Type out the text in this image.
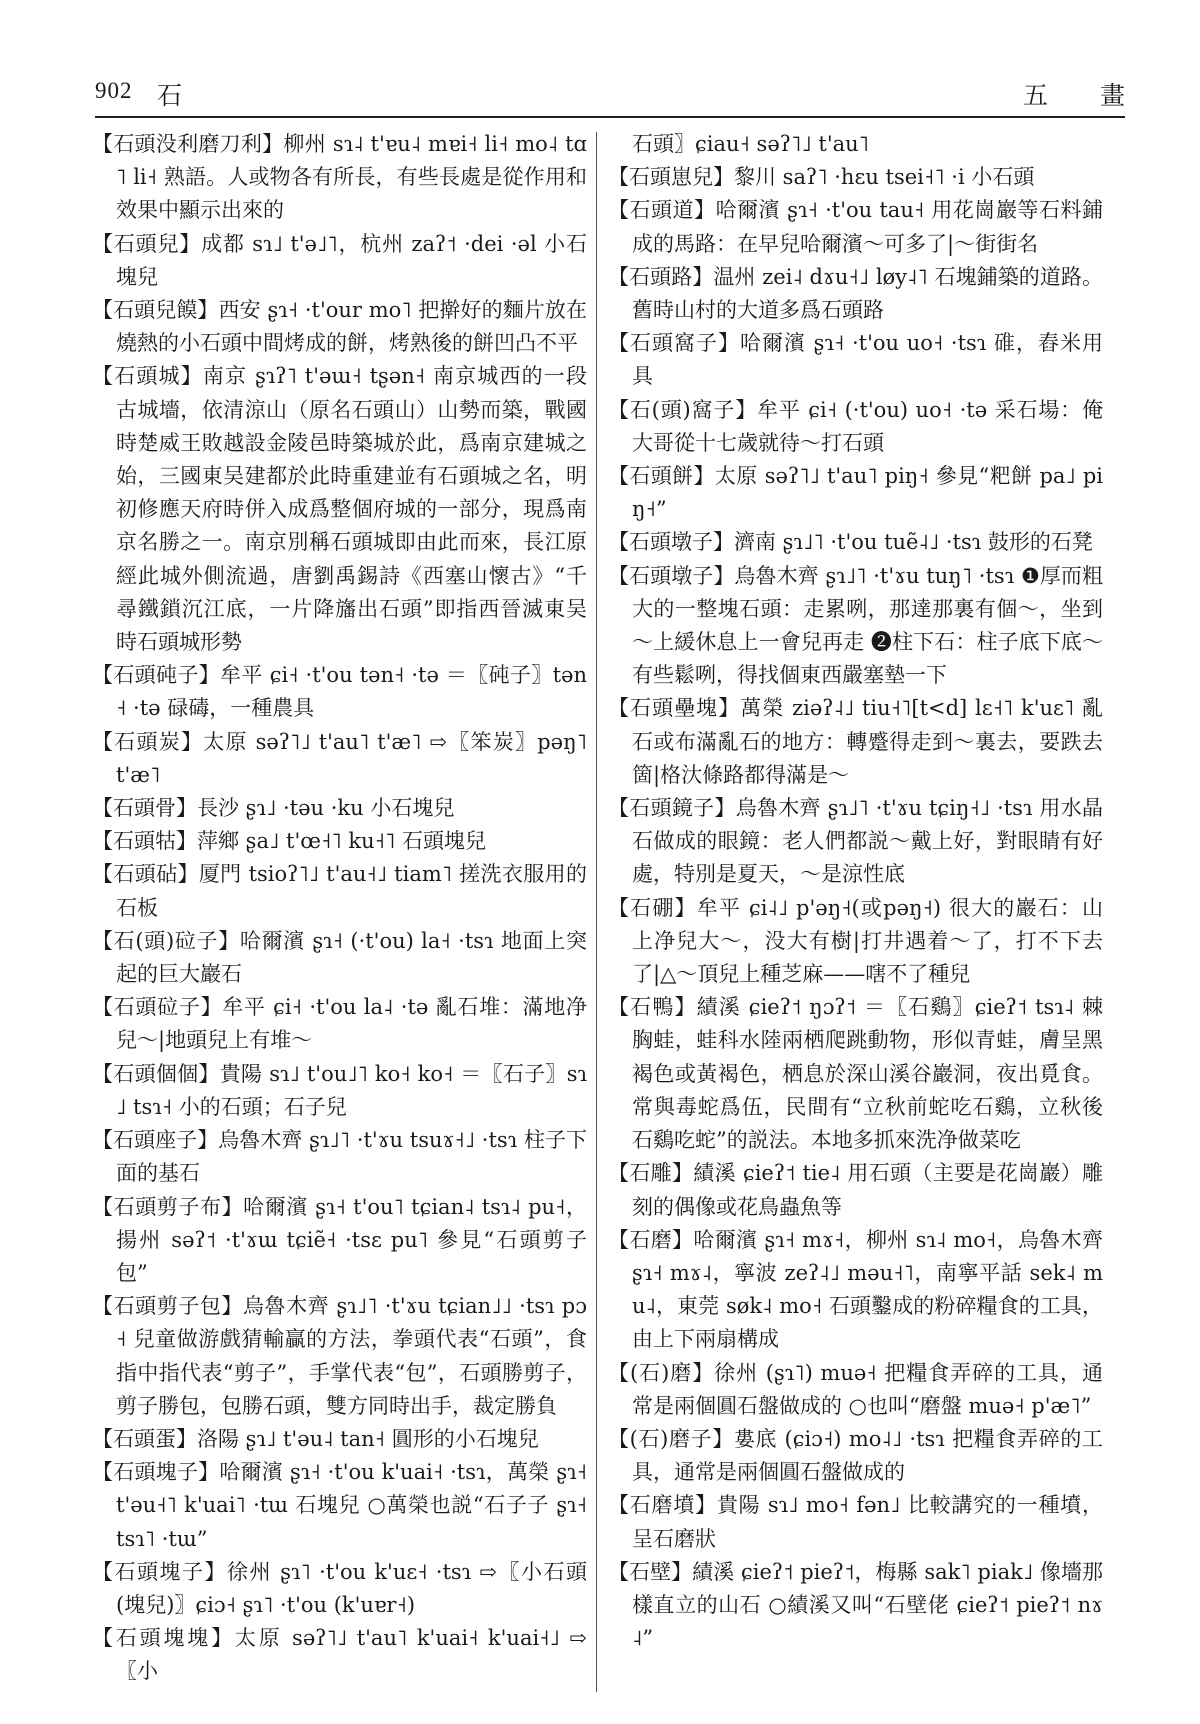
902 石	五 畫

【石頭没利磨刀利】柳州 sɿ˨ t'ɐu˨ mɐi˧ li˧ mo˨ tɑ˥ li˧ 熟語。人或物各有所長，有些長處是從作用和效果中顯示出來的

【石頭兒】成都 sɿ˩ t'ə˩˥，杭州 zaʔ˦ ·dei ·əl 小石塊兒

【石頭兒饃】西安 ʂɿ˧ ·t'our mo˥ 把擀好的麵片放在燒熱的小石頭中間烤成的餅，烤熟後的餅凹凸不平

【石頭城】南京 ʂɿʔ˥ t'əɯ˧ tʂən˧ 南京城西的一段古城墻，依清涼山（原名石頭山）山勢而築，戰國時楚威王敗越設金陵邑時築城於此，爲南京建城之始，三國東吴建都於此時重建並有石頭城之名，明初修應天府時併入成爲整個府城的一部分，現爲南京名勝之一。南京別稱石頭城即由此而來，長江原經此城外側流過，唐劉禹錫詩《西塞山懷古》“千尋鐵鎖沉江底，一片降旛出石頭”即指西晉滅東吴時石頭城形勢

【石頭砘子】牟平 ɕi˧ ·t'ou tən˧ ·tə ＝〖砘子〗tən˧ ·tə 碌碡，一種農具

【石頭炭】太原 səʔ˥˩ t'au˥ t'æ˥ ⇨〖笨炭〗pəŋ˥ t'æ˥

【石頭骨】長沙 ʂɿ˩ ·təu ·ku 小石塊兒

【石頭牯】萍鄉 ʂa˩ t'œ˧˥ ku˧˥ 石頭塊兒

【石頭砧】厦門 tsioʔ˥˩ t'au˧˩ tiam˥ 搓洗衣服用的石板

【石(頭)砬子】哈爾濱 ʂɿ˧ (·t'ou) la˧ ·tsɿ 地面上突起的巨大巖石

【石頭砬子】牟平 ɕi˧ ·t'ou la˨ ·tə 亂石堆：滿地净兒～|地頭兒上有堆～

【石頭個個】貴陽 sɿ˩ t'ou˩˥ ko˧ ko˧ ＝〖石子〗sɿ˩ tsɿ˧ 小的石頭；石子兒

【石頭座子】烏魯木齊 ʂɿ˩˥ ·t'ɤu tsuɤ˧˩ ·tsɿ 柱子下面的基石

【石頭剪子布】哈爾濱 ʂɿ˧ t'ou˥ tɕian˨ tsɿ˨ pu˧，揚州 səʔ˦ ·t'ɤɯ tɕiẽ˧ ·tsɛ pu˥ 參見“石頭剪子包”

【石頭剪子包】烏魯木齊 ʂɿ˩˥ ·t'ɤu tɕian˩˩ ·tsɿ pɔ˧ 兒童做游戲猜輸贏的方法，拳頭代表“石頭”，食指中指代表“剪子”，手掌代表“包”，石頭勝剪子，剪子勝包，包勝石頭，雙方同時出手，裁定勝負

【石頭蛋】洛陽 ʂɿ˩ t'əu˨ tan˧ 圓形的小石塊兒

【石頭塊子】哈爾濱 ʂɿ˧ ·t'ou k'uai˧ ·tsɿ，萬榮 ʂɿ˧ t'əu˧˥ k'uai˥ ·tɯ 石塊兒 ○萬榮也説“石子子 ʂɿ˧ tsɿ˥ ·tɯ”

【石頭塊子】徐州 ʂɿ˥ ·t'ou k'uɛ˧ ·tsɿ ⇨〖小石頭(塊兒)〗ɕiɔ˧ ʂɿ˥ ·t'ou (k'uɐr˧)

【石頭塊塊】太原 səʔ˥˩ t'au˥ k'uai˧ k'uai˧˩ ⇨〖小

石頭〗ɕiau˧ səʔ˥˩ t'au˥

【石頭崽兒】黎川 saʔ˥ ·hɛu tsei˧˥ ·i 小石頭

【石頭道】哈爾濱 ʂɿ˧ ·t'ou tau˧ 用花崗巖等石料鋪成的馬路：在早兒哈爾濱～可多了|～街街名

【石頭路】温州 zei˨ dɤu˧˩ løy˨˥ 石塊鋪築的道路。舊時山村的大道多爲石頭路

【石頭窩子】哈爾濱 ʂɿ˧ ·t'ou uo˧ ·tsɿ 碓，舂米用具

【石(頭)窩子】牟平 ɕi˧ (·t'ou) uo˧ ·tə 采石場：俺大哥從十七歲就待～打石頭

【石頭餅】太原 səʔ˥˩ t'au˥ piŋ˧ 參見“粑餅 pa˩ piŋ˧”

【石頭墩子】濟南 ʂɿ˩˥ ·t'ou tuẽ˨˩ ·tsɿ 鼓形的石凳

【石頭墩子】烏魯木齊 ʂɿ˩˥ ·t'ɤu tuŋ˥ ·tsɿ ❶厚而粗大的一整塊石頭：走累咧，那達那裏有個～，坐到～上緩休息上一會兒再走 ❷柱下石：柱子底下底～有些鬆咧，得找個東西嚴塞墊一下

【石頭壘塊】萬榮 ziəʔ˨˩ tiu˧˥[t<d] lɛ˧˥ k'uɛ˥ 亂石或布滿亂石的地方：轉蹙得走到～裏去，要跌去箇|格汏條路都得滿是～

【石頭鏡子】烏魯木齊 ʂɿ˩˥ ·t'ɤu tɕiŋ˧˩ ·tsɿ 用水晶石做成的眼鏡：老人們都説～戴上好，對眼睛有好處，特別是夏天，～是涼性底

【石硼】牟平 ɕi˨˩ p'əŋ˧(或pəŋ˧) 很大的巖石：山上净兒大～，没大有樹|打井遇着～了，打不下去了|△～頂兒上種芝麻——嗐不了種兒

【石鴨】績溪 ɕieʔ˦ ŋɔʔ˦ ＝〖石鷄〗ɕieʔ˦ tsɿ˨ 棘胸蛙，蛙科水陸兩栖爬跳動物，形似青蛙，膚呈黑褐色或黃褐色，栖息於深山溪谷巖洞，夜出覓食。常與毒蛇爲伍，民間有“立秋前蛇吃石鷄，立秋後石鷄吃蛇”的説法。本地多抓來洗净做菜吃

【石雕】績溪 ɕieʔ˦ tie˨ 用石頭（主要是花崗巖）雕刻的偶像或花鳥蟲魚等

【石磨】哈爾濱 ʂɿ˧ mɤ˧，柳州 sɿ˨ mo˧，烏魯木齊 ʂɿ˧ mɤ˨，寧波 zeʔ˨˩ məu˧˥，南寧平話 sek˨ mu˨，東莞 søk˨ mo˧ 石頭鑿成的粉碎糧食的工具，由上下兩扇構成

【(石)磨】徐州 (ʂɿ˥) muə˧ 把糧食弄碎的工具，通常是兩個圓石盤做成的 ○也叫“磨盤 muə˧ p'æ˥”

【(石)磨子】婁底 (ɕiɔ˧) mo˨˩ ·tsɿ 把糧食弄碎的工具，通常是兩個圓石盤做成的

【石磨墳】貴陽 sɿ˩ mo˧ fən˩ 比較講究的一種墳，呈石磨狀

【石壁】績溪 ɕieʔ˦ pieʔ˦，梅縣 sak˥ piak˩ 像墻那樣直立的山石 ○績溪又叫“石壁佬 ɕieʔ˦ pieʔ˦ nɤ˨”
